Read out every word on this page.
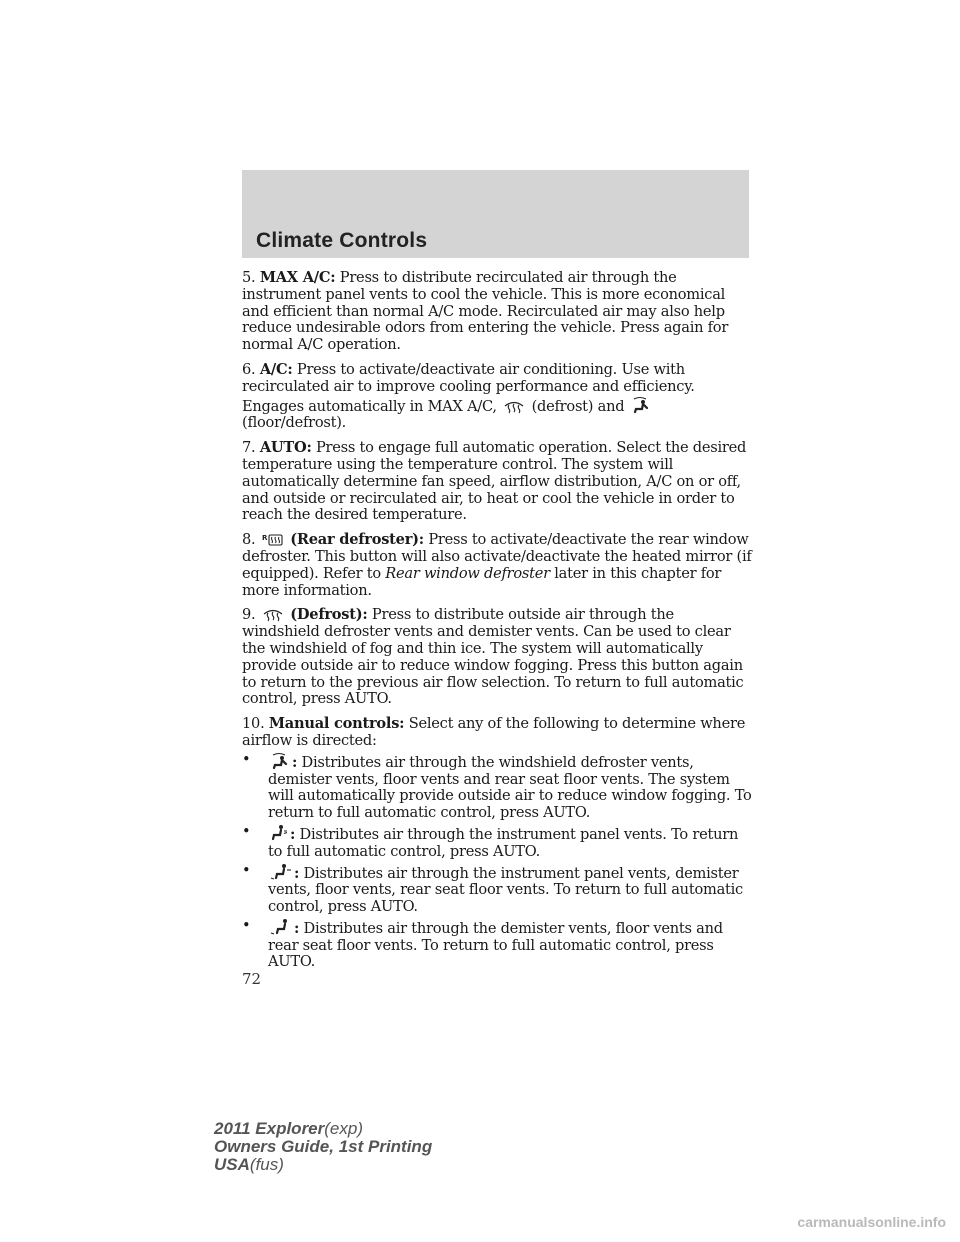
Climate Controls

5. MAX A/C: Press to distribute recirculated air through the instrument panel vents to cool the vehicle. This is more economical and efficient than normal A/C mode. Recirculated air may also help reduce undesirable odors from entering the vehicle. Press again for normal A/C operation.

6. A/C: Press to activate/deactivate air conditioning. Use with recirculated air to improve cooling performance and efficiency. Engages automatically in MAX A/C, (defrost) and
(floor/defrost).

7. AUTO: Press to engage full automatic operation. Select the desired temperature using the temperature control. The system will automatically determine fan speed, airflow distribution, A/C on or off, and outside or recirculated air, to heat or cool the vehicle in order to reach the desired temperature.

8. R (Rear defroster): Press to activate/deactivate the rear window defroster. This button will also activate/deactivate the heated mirror (if equipped). Refer to Rear window defroster later in this chapter for more information.

9. (Defrost): Press to distribute outside air through the windshield defroster vents and demister vents. Can be used to clear the windshield of fog and thin ice. The system will automatically provide outside air to reduce window fogging. Press this button again to return to the previous air flow selection. To return to full automatic control, press AUTO.

10. Manual controls: Select any of the following to determine where airflow is directed:

•	: Distributes air through the windshield defroster vents, demister vents, floor vents and rear seat floor vents. The system will automatically provide outside air to reduce window fogging. To return to full automatic control, press AUTO.
•	: Distributes air through the instrument panel vents. To return to full automatic control, press AUTO.
•	: Distributes air through the instrument panel vents, demister vents, floor vents, rear seat floor vents. To return to full automatic control, press AUTO.
•	: Distributes air through the demister vents, floor vents and rear seat floor vents. To return to full automatic control, press AUTO.
72
2011 Explorer(exp)
Owners Guide, 1st Printing
USA(fus)
carmanualsonline.info
